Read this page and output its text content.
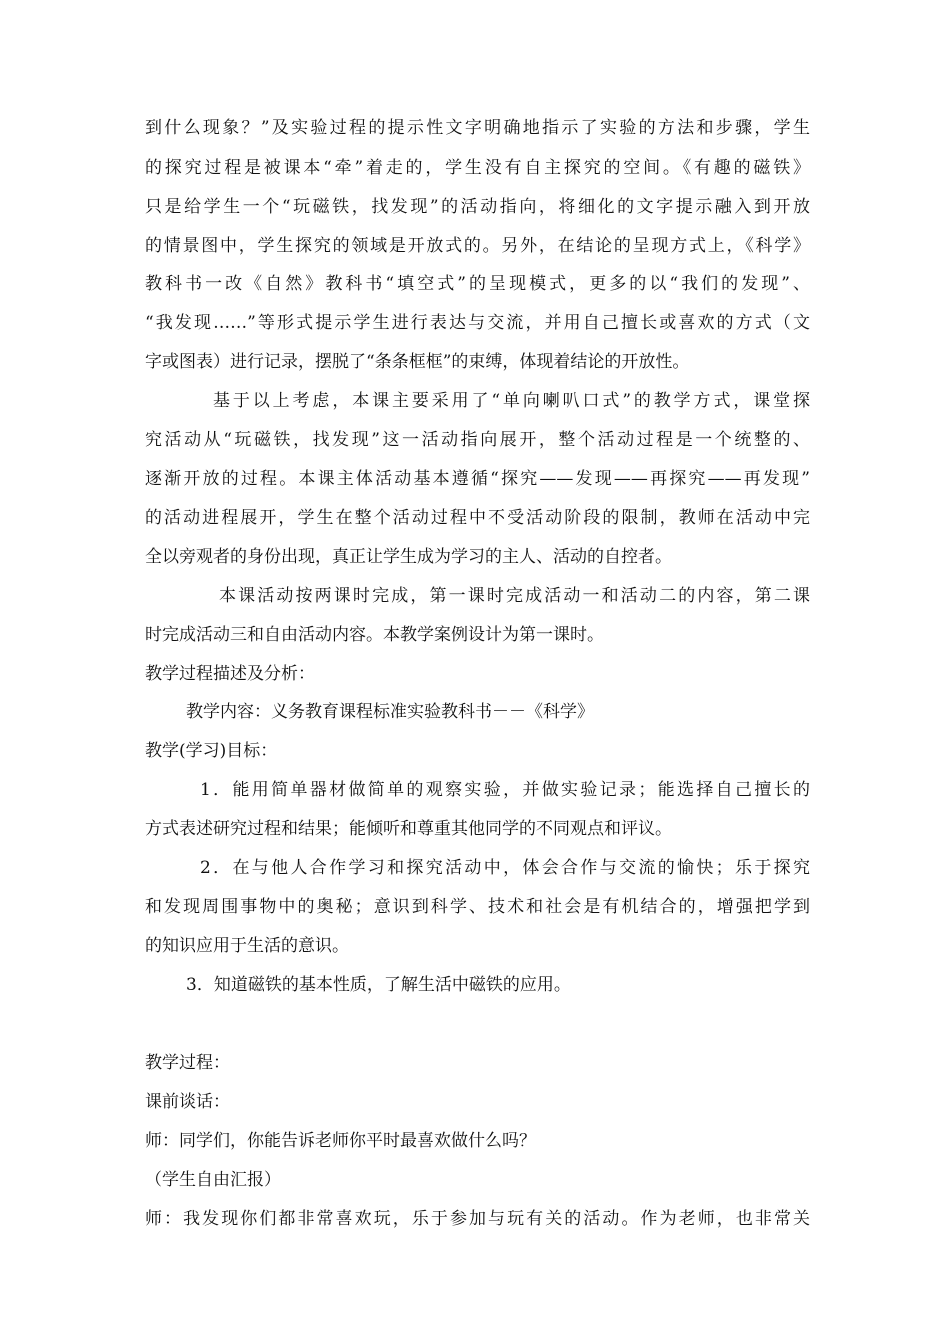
到什么现象？”及实验过程的提示性文字明确地指示了实验的方法和步骤，学生
的探究过程是被课本“牵”着走的，学生没有自主探究的空间。《有趣的磁铁》
只是给学生一个“玩磁铁，找发现”的活动指向，将细化的文字提示融入到开放
的情景图中，学生探究的领域是开放式的。另外，在结论的呈现方式上，《科学》
教科书一改《自然》教科书“填空式”的呈现模式，更多的以“我们的发现”、
“我发现……”等形式提示学生进行表达与交流，并用自己擅长或喜欢的方式（文
字或图表）进行记录，摆脱了“条条框框”的束缚，体现着结论的开放性。
基于以上考虑，本课主要采用了“单向喇叭口式”的教学方式，课堂探
究活动从“玩磁铁，找发现”这一活动指向展开，整个活动过程是一个统整的、
逐渐开放的过程。本课主体活动基本遵循“探究——发现——再探究——再发现”
的活动进程展开，学生在整个活动过程中不受活动阶段的限制，教师在活动中完
全以旁观者的身份出现，真正让学生成为学习的主人、活动的自控者。
本课活动按两课时完成，第一课时完成活动一和活动二的内容，第二课
时完成活动三和自由活动内容。本教学案例设计为第一课时。
教学过程描述及分析：
教学内容：义务教育课程标准实验教科书－－《科学》
教学(学习)目标：
1．能用简单器材做简单的观察实验，并做实验记录；能选择自己擅长的
方式表述研究过程和结果；能倾听和尊重其他同学的不同观点和评议。
2．在与他人合作学习和探究活动中，体会合作与交流的愉快；乐于探究
和发现周围事物中的奥秘；意识到科学、技术和社会是有机结合的，增强把学到
的知识应用于生活的意识。
3．知道磁铁的基本性质，了解生活中磁铁的应用。
教学过程：
课前谈话：
师：同学们，你能告诉老师你平时最喜欢做什么吗？
（学生自由汇报）
师：我发现你们都非常喜欢玩，乐于参加与玩有关的活动。作为老师，也非常关
